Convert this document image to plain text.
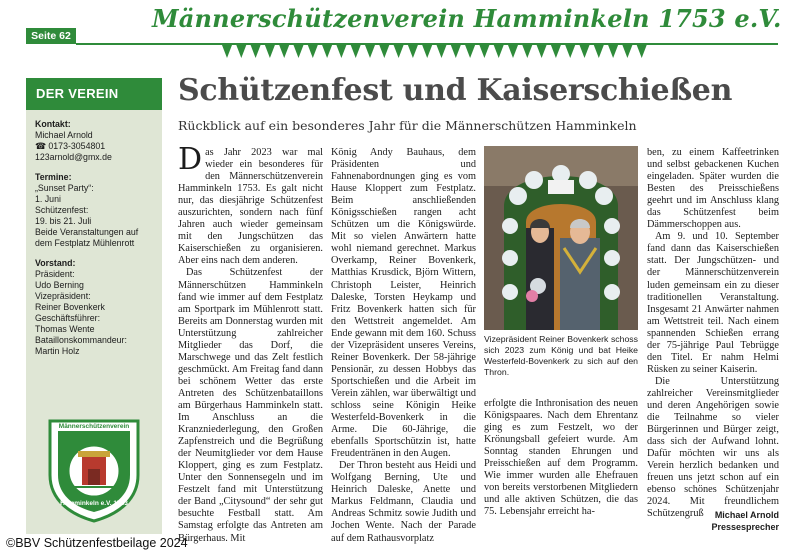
Männerschützenverein Hamminkeln 1753 e.V.
Seite 62
DER VEREIN
Kontakt:
Michael Arnold
☎ 0173-3054801
123arnold@gmx.de
Termine:
„Sunset Party“:
1. Juni
Schützenfest:
19. bis 21. Juli
Beide Veranstaltungen auf
dem Festplatz Mühlenrott
Vorstand:
Präsident:
Udo Berning
Vizepräsident:
Reiner Bovenkerk
Geschäftsführer:
Thomas Wente
Bataillonskommandeur:
Martin Holz
Männerschützenverein
Hamminkeln e.V. 1753
Schützenfest und Kaiserschießen
Rückblick auf ein besonderes Jahr für die Männerschützen Hamminkeln
D as Jahr 2023 war mal wieder ein besonderes für den Männerschützenverein Hamminkeln 1753. Es galt nicht nur, das diesjährige Schützenfest auszurichten, sondern nach fünf Jahren auch wieder gemeinsam mit den Jungschützen das Kaiserschießen zu organisieren. Aber eins nach dem anderen.

Das Schützenfest der Männerschützen Hamminkeln fand wie immer auf dem Festplatz am Sportpark im Mühlenrott statt. Bereits am Donnerstag wurden mit Unterstützung zahlreicher Mitglieder das Dorf, die Marschwege und das Zelt festlich geschmückt. Am Freitag fand dann bei schönem Wetter das erste Antreten des Schützenbataillons am Bürgerhaus Hamminkeln statt. Im Anschluss an die Kranzniederlegung, den Großen Zapfenstreich und die Begrüßung der Neumitglieder vor dem Hause Kloppert, ging es zum Festplatz. Unter den Sonnensegeln und im Festzelt fand mit Unterstützung der Band „Citysound“ der sehr gut besuchte Festball statt. Am Samstag erfolgte das Antreten am Bürgerhaus. Mit

König Andy Bauhaus, dem Präsidenten und Fahnenabordnungen ging es vom Hause Kloppert zum Festplatz. Beim anschließenden Königsschießen rangen acht Schützen um die Königswürde. Mit so vielen Anwärtern hatte wohl niemand gerechnet. Markus Overkamp, Reiner Bovenkerk, Matthias Krusdick, Björn Wittern, Christoph Leister, Heinrich Daleske, Torsten Heykamp und Fritz Bovenkerk hatten sich für den Wettstreit angemeldet. Am Ende gewann mit dem 160. Schuss der Vizepräsident unseres Vereins, Reiner Bovenkerk. Der 58-jährige Pensionär, zu dessen Hobbys das Sportschießen und die Arbeit im Verein zählen, war überwältigt und schloss seine Königin Heike Westerfeld-Bovenkerk in die Arme. Die 60-Jährige, die ebenfalls Sportschützin ist, hatte Freudentränen in den Augen.

Der Thron besteht aus Heidi und Wolfgang Berning, Ute und Heinrich Daleske, Anette und Markus Feldmann, Claudia und Andreas Schmitz sowie Judith und Jochen Wente. Nach der Parade auf dem Rathausvorplatz

Vizepräsident Reiner Bovenkerk schoss sich 2023 zum König und bat Heike Westerfeld-Bovenkerk zu sich auf den Thron.

erfolgte die Inthronisation des neuen Königspaares. Nach dem Ehrentanz ging es zum Festzelt, wo der Krönungsball gefeiert wurde. Am Sonntag standen Ehrungen und Preisschießen auf dem Programm. Wie immer wurden alle Ehefrauen von bereits verstorbenen Mitgliedern und alle aktiven Schützen, die das 75. Lebensjahr erreicht ha-

ben, zu einem Kaffeetrinken und selbst gebackenen Kuchen eingeladen. Später wurden die Besten des Preisschießens geehrt und im Anschluss klang das Schützenfest beim Dämmerschoppen aus.

Am 9. und 10. September fand dann das Kaiserschießen statt. Der Jungschützen- und der Männerschützenverein luden gemeinsam ein zu dieser traditionellen Veranstaltung. Insgesamt 21 Anwärter nahmen am Wettstreit teil. Nach einem spannenden Schießen errang der 75-jährige Paul Tebrügge den Titel. Er nahm Helmi Rüsken zu seiner Kaiserin.

Die Unterstützung zahlreicher Vereinsmitglieder und deren Angehörigen sowie die Teilnahme so vieler Bürgerinnen und Bürger zeigt, dass sich der Aufwand lohnt. Dafür möchten wir uns als Verein herzlich bedanken und freuen uns jetzt schon auf ein ebenso schönes Schützenjahr 2024. Mit freundlichem Schützengruß	Michael Arnold
Pressesprecher
©BBV Schützenfestbeilage 2024
